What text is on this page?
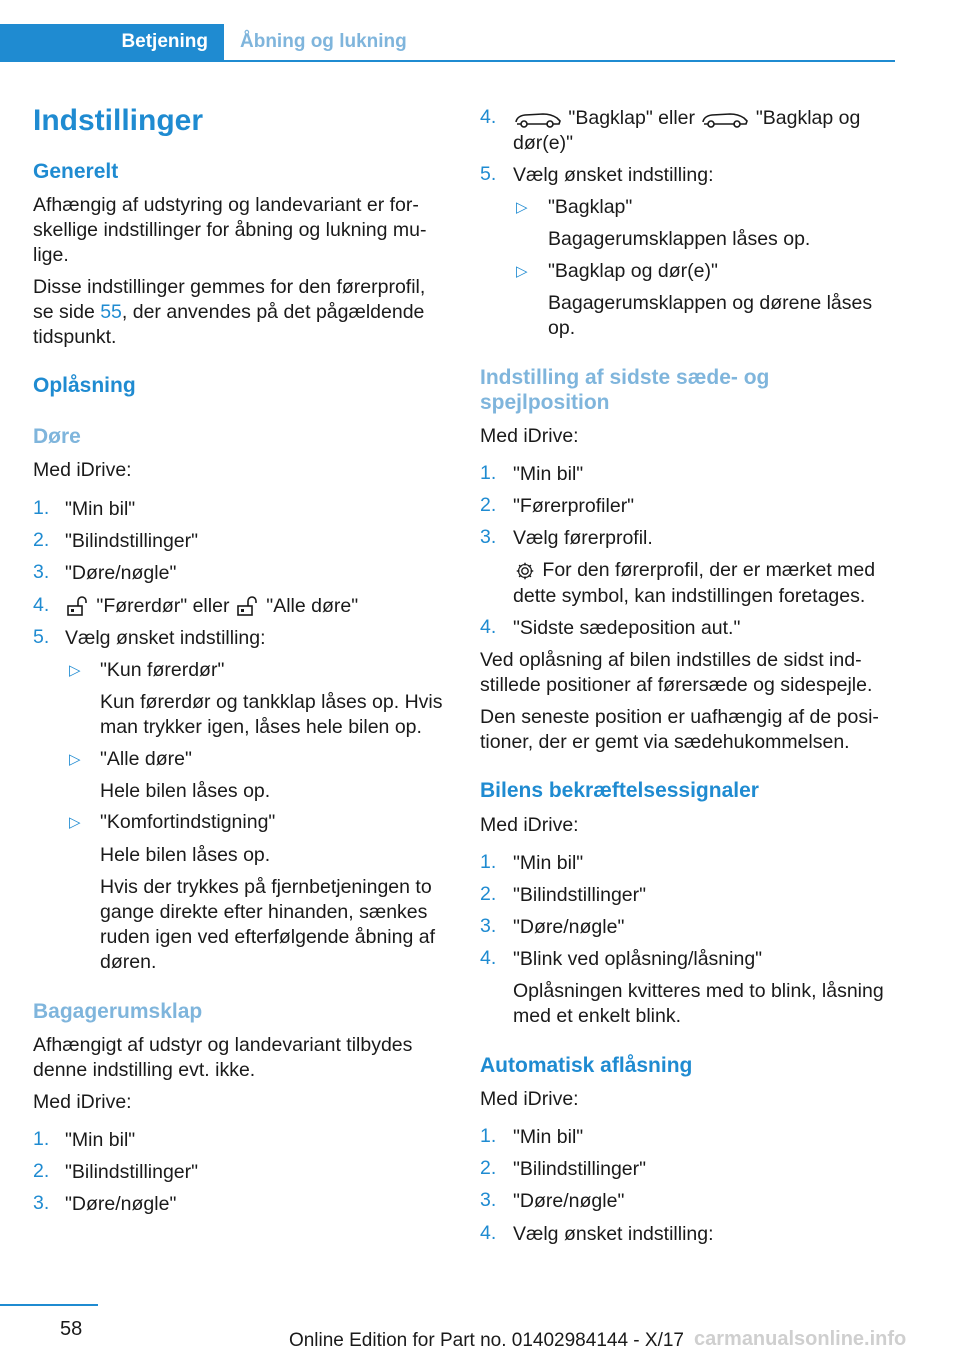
Betjening	Åbning og lukning
Indstillinger
Generelt
Afhængig af udstyring og landevariant er for-
skellige indstillinger for åbning og lukning mu-
lige.
Disse indstillinger gemmes for den førerprofil,
se side 55, der anvendes på det pågældende
tidspunkt.
Oplåsning
Døre
Med iDrive:
1. "Min bil"
2. "Bilindstillinger"
3. "Døre/nøgle"
4.	"Førerdør" eller "Alle døre"
5. Vælg ønsket indstilling:
▷ "Kun førerdør"
Kun førerdør og tankklap låses op. Hvis
man trykker igen, låses hele bilen op.
▷ "Alle døre"
Hele bilen låses op.
▷ "Komfortindstigning"
Hele bilen låses op.
Hvis der trykkes på fjernbetjeningen to
gange direkte efter hinanden, sænkes
ruden igen ved efterfølgende åbning af
døren.
Bagagerumsklap
Afhængigt af udstyr og landevariant tilbydes
denne indstilling evt. ikke.
Med iDrive:
1. "Min bil"
2. "Bilindstillinger"
3. "Døre/nøgle"
4.	"Bagklap" eller	"Bagklap og
dør(e)"
5. Vælg ønsket indstilling:
▷ "Bagklap"
Bagagerumsklappen låses op.
▷ "Bagklap og dør(e)"
Bagagerumsklappen og dørene låses
op.
Indstilling af sidste sæde- og
spejlposition
Med iDrive:
1. "Min bil"
2. "Førerprofiler"
3. Vælg førerprofil.
For den førerprofil, der er mærket med
dette symbol, kan indstillingen foretages.
4. "Sidste sædeposition aut."
Ved oplåsning af bilen indstilles de sidst ind-
stillede positioner af førersæde og sidespejle.
Den seneste position er uafhængig af de posi-
tioner, der er gemt via sædehukommelsen.
Bilens bekræftelsessignaler
Med iDrive:
1. "Min bil"
2. "Bilindstillinger"
3. "Døre/nøgle"
4. "Blink ved oplåsning/låsning"
Oplåsningen kvitteres med to blink, låsning
med et enkelt blink.
Automatisk aflåsning
Med iDrive:
1. "Min bil"
2. "Bilindstillinger"
3. "Døre/nøgle"
4. Vælg ønsket indstilling:
58	carmanualsonline.info
Online Edition for Part no. 01402984144 - X/17
